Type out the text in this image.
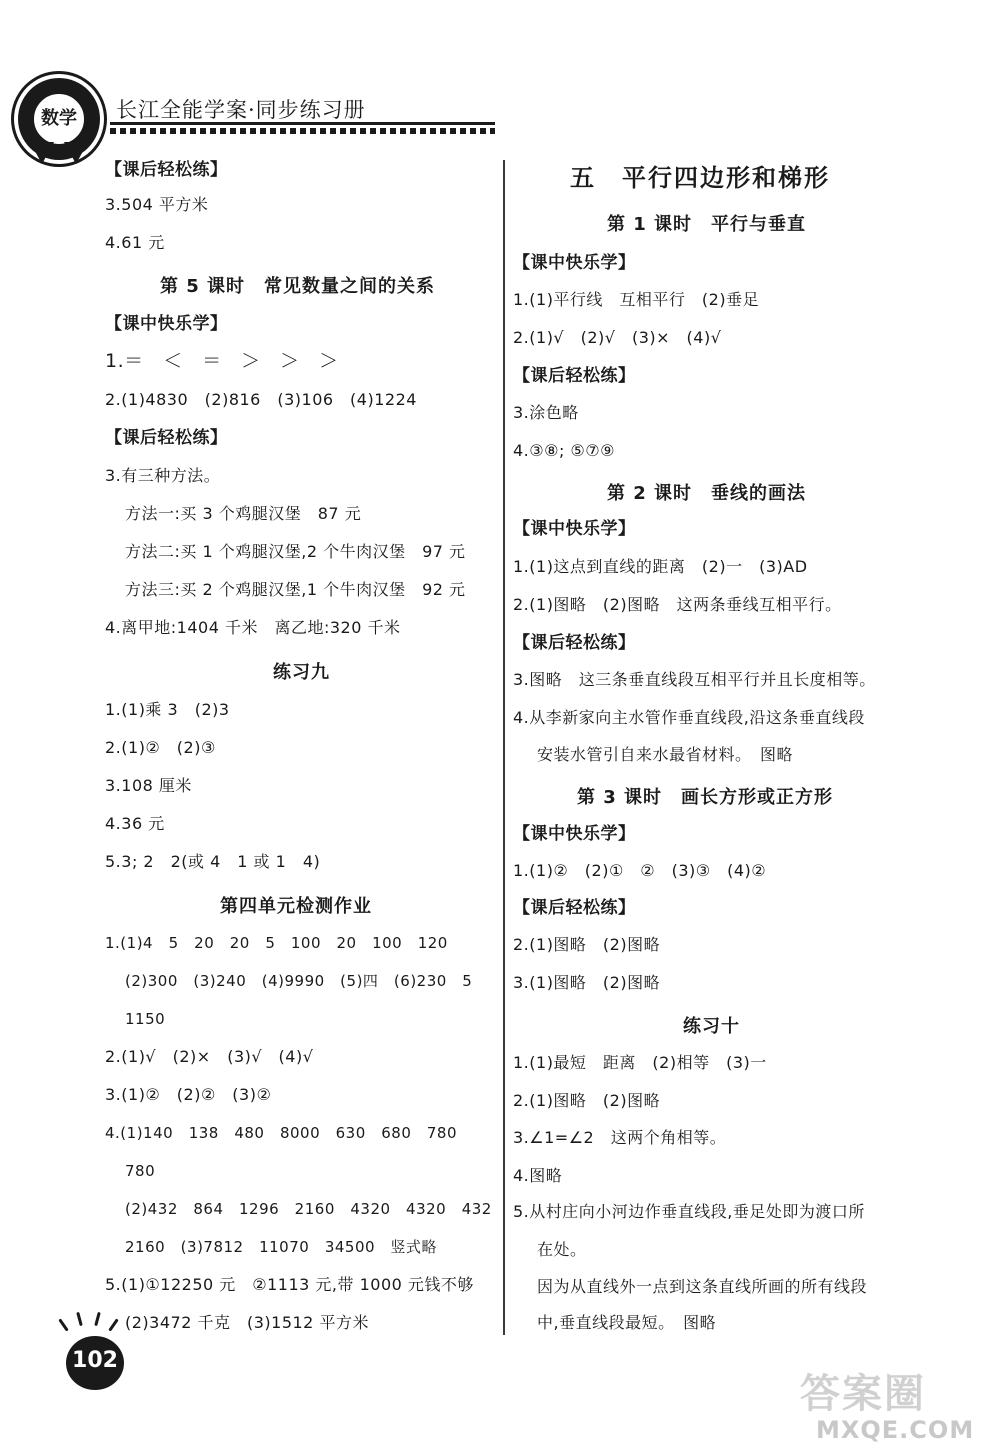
数学	长江全能学案·同步练习册
【课后轻松练】
3.504 平方米
4.61 元
第 5 课时　常见数量之间的关系
【课中快乐学】
1.＝　＜　＝　＞　＞　＞
2.(1)4830　(2)816　(3)106　(4)1224
【课后轻松练】
3.有三种方法。
方法一:买 3 个鸡腿汉堡　87 元
方法二:买 1 个鸡腿汉堡,2 个牛肉汉堡　97 元
方法三:买 2 个鸡腿汉堡,1 个牛肉汉堡　92 元
4.离甲地:1404 千米　离乙地:320 千米
练习九
1.(1)乘 3　(2)3
2.(1)②　(2)③
3.108 厘米
4.36 元
5.3; 2　2(或 4　1 或 1　4)
第四单元检测作业
1.(1)4　5　20　20　5　100　20　100　120
(2)300　(3)240　(4)9990　(5)四　(6)230　5
1150
2.(1)√　(2)×　(3)√　(4)√
3.(1)②　(2)②　(3)②
4.(1)140　138　480　8000　630　680　780
780
(2)432　864　1296　2160　4320　4320　432
2160　(3)7812　11070　34500　竖式略
5.(1)①12250 元　②1113 元,带 1000 元钱不够
(2)3472 千克　(3)1512 平方米
五　平行四边形和梯形
第 1 课时　平行与垂直
【课中快乐学】
1.(1)平行线　互相平行　(2)垂足
2.(1)√　(2)√　(3)×　(4)√
【课后轻松练】
3.涂色略
4.③⑧; ⑤⑦⑨
第 2 课时　垂线的画法
【课中快乐学】
1.(1)这点到直线的距离　(2)一　(3)AD
2.(1)图略　(2)图略　这两条垂线互相平行。
【课后轻松练】
3.图略　这三条垂直线段互相平行并且长度相等。
4.从李新家向主水管作垂直线段,沿这条垂直线段
安装水管引自来水最省材料。　图略
第 3 课时　画长方形或正方形
【课中快乐学】
1.(1)②　(2)①　②　(3)③　(4)②
【课后轻松练】
2.(1)图略　(2)图略
3.(1)图略　(2)图略
练习十
1.(1)最短　距离　(2)相等　(3)一
2.(1)图略　(2)图略
3.∠1=∠2　这两个角相等。
4.图略
5.从村庄向小河边作垂直线段,垂足处即为渡口所
在处。
因为从直线外一点到这条直线所画的所有线段
中,垂直线段最短。　图略
102
答案圈
MXQE.COM
